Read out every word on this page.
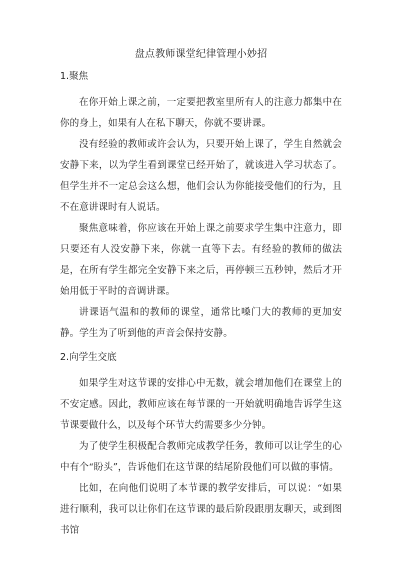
盘点教师课堂纪律管理小妙招
1.聚焦

在你开始上课之前，一定要把教室里所有人的注意力都集中在你的身上，如果有人在私下聊天，你就不要讲课。

没有经验的教师或许会认为，只要开始上课了，学生自然就会安静下来，以为学生看到课堂已经开始了，就该进入学习状态了。但学生并不一定总会这么想，他们会认为你能接受他们的行为，且不在意讲课时有人说话。

聚焦意味着，你应该在开始上课之前要求学生集中注意力，即只要还有人没安静下来，你就一直等下去。有经验的教师的做法是，在所有学生都完全安静下来之后，再停顿三五秒钟，然后才开始用低于平时的音调讲课。

讲课语气温和的教师的课堂，通常比嗓门大的教师的更加安静。学生为了听到他的声音会保持安静。

2.向学生交底

如果学生对这节课的安排心中无数，就会增加他们在课堂上的不安定感。因此，教师应该在每节课的一开始就明确地告诉学生这节课要做什么，以及每个环节大约需要多少分钟。

为了使学生积极配合教师完成教学任务，教师可以让学生的心中有个“盼头”，告诉他们在这节课的结尾阶段他们可以做的事情。

比如，在向他们说明了本节课的教学安排后，可以说：“如果进行顺利，我可以让你们在这节课的最后阶段跟朋友聊天，或到图书馆
